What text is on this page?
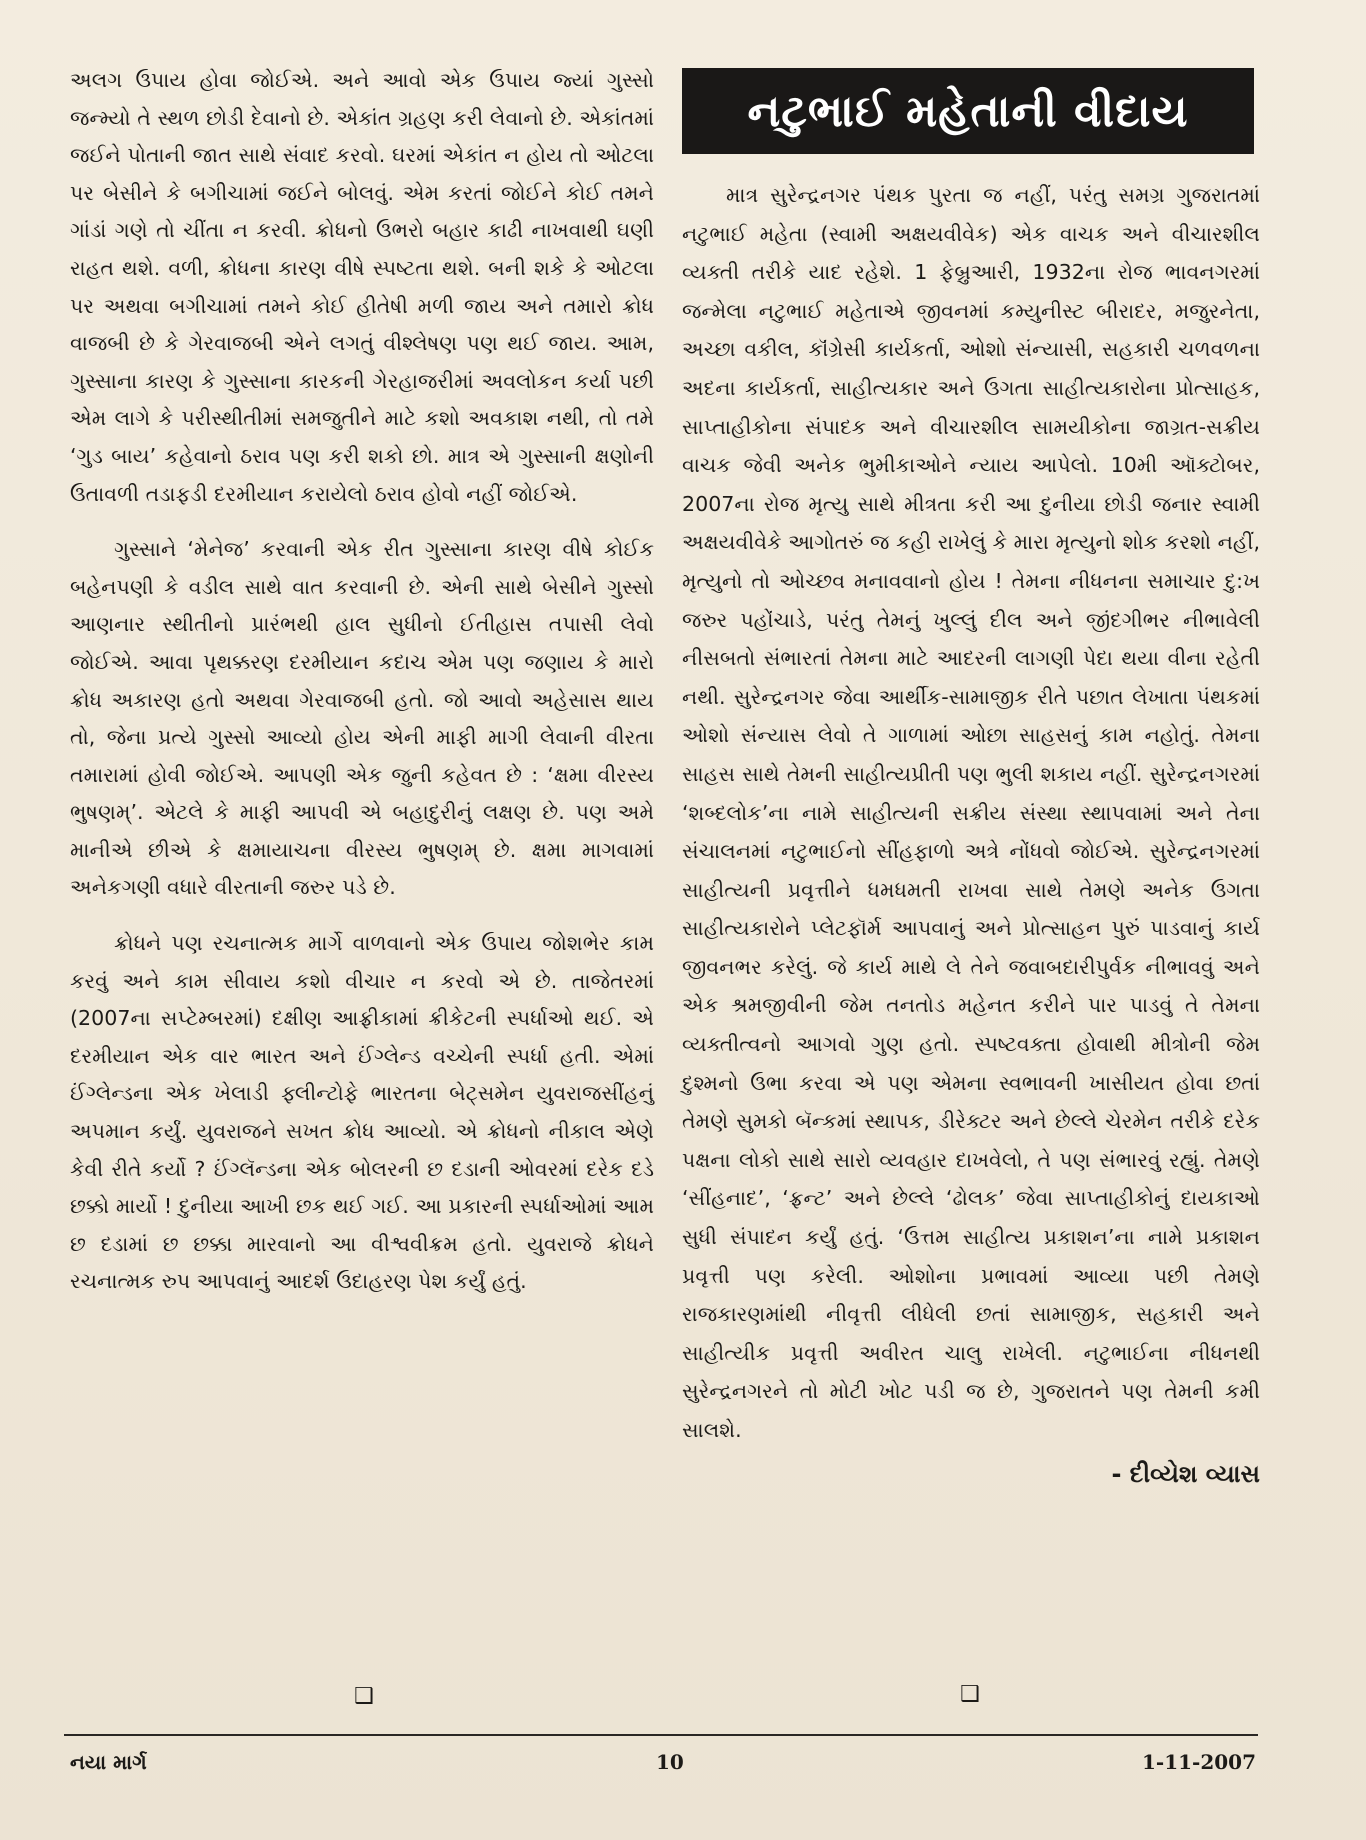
અલગ ઉપાય હોવા જોઈએ. અને આવો એક ઉપાય જ્યાં ગુસ્સો જન્મ્યો તે સ્થળ છોડી દેવાનો છે. એકાંત ગ્રહણ કરી લેવાનો છે. એકાંતમાં જઈને પોતાની જાત સાથે સંવાદ કરવો. ઘરમાં એકાંત ન હોય તો ઓટલા પર બેસીને કે બગીચામાં જઈને બોલવું. એમ કરતાં જોઈને કોઈ તમને ગાંડાં ગણે તો ચીંતા ન કરવી. ક્રોધનો ઉભરો બહાર કાઢી નાખવાથી ઘણી રાહત થશે. વળી, ક્રોધના કારણ વીષે સ્પષ્ટતા થશે. બની શકે કે ઓટલા પર અથવા બગીચામાં તમને કોઈ હીતેષી મળી જાય અને તમારો ક્રોધ વાજબી છે કે ગેરવાજબી એને લગતું વીશ્લેષણ પણ થઈ જાય. આમ, ગુસ્સાના કારણ કે ગુસ્સાના કારકની ગેરહાજરીમાં અવલોકન કર્યા પછી એમ લાગે કે પરીસ્થીતીમાં સમજુતીને માટે કશો અવકાશ નથી, તો તમે ‘ગુડ બાય’ કહેવાનો ઠરાવ પણ કરી શકો છો. માત્ર એ ગુસ્સાની ક્ષણોની ઉતાવળી તડાફડી દરમીયાન કરાયેલો ઠરાવ હોવો નહીં જોઈએ.

ગુસ્સાને ‘મેનેજ’ કરવાની એક રીત ગુસ્સાના કારણ વીષે કોઈક બહેનપણી કે વડીલ સાથે વાત કરવાની છે. એની સાથે બેસીને ગુસ્સો આણનાર સ્થીતીનો પ્રારંભથી હાલ સુધીનો ઈતીહાસ તપાસી લેવો જોઈએ. આવા પૃથક્કરણ દરમીયાન કદાચ એમ પણ જણાય કે મારો ક્રોધ અકારણ હતો અથવા ગેરવાજબી હતો. જો આવો અહેસાસ થાય તો, જેના પ્રત્યે ગુસ્સો આવ્યો હોય એની માફી માગી લેવાની વીરતા તમારામાં હોવી જોઈએ. આપણી એક જુની કહેવત છે : ‘ક્ષમા વીરસ્ય ભુષણમ્’. એટલે કે માફી આપવી એ બહાદુરીનું લક્ષણ છે. પણ અમે માનીએ છીએ કે ક્ષમાયાચના વીરસ્ય ભુષણમ્ છે. ક્ષમા માગવામાં અનેકગણી વધારે વીરતાની જરુર પડે છે.

ક્રોધને પણ રચનાત્મક માર્ગે વાળવાનો એક ઉપાય જોશભેર કામ કરવું અને કામ સીવાય કશો વીચાર ન કરવો એ છે. તાજેતરમાં (2007ના સપ્ટેમ્બરમાં) દક્ષીણ આફ્રીકામાં ક્રીકેટની સ્પર્ધાઓ થઈ. એ દરમીયાન એક વાર ભારત અને ઈંગ્લેન્ડ વચ્ચેની સ્પર્ધા હતી. એમાં ઈંગ્લેન્ડના એક ખેલાડી ફ્લીન્ટોફે ભારતના બેટ્સમેન યુવરાજસીંહનું અપમાન કર્યું. યુવરાજને સખત ક્રોધ આવ્યો. એ ક્રોધનો નીકાલ એણે કેવી રીતે કર્યો ? ઈંગ્લૅન્ડના એક બોલરની છ દડાની ઓવરમાં દરેક દડે છક્કો માર્યો ! દુનીયા આખી છક થઈ ગઈ. આ પ્રકારની સ્પર્ધાઓમાં આમ છ દડામાં છ છક્કા મારવાનો આ વીશ્વવીક્રમ હતો. યુવરાજે ક્રોધને રચનાત્મક રુપ આપવાનું આદર્શ ઉદાહરણ પેશ કર્યું હતું.

❑
નટુભાઈ મહેતાની વીદાય

માત્ર સુરેન્દ્રનગર પંથક પુરતા જ નહીં, પરંતુ સમગ્ર ગુજરાતમાં નટુભાઈ મહેતા (સ્વામી અક્ષયવીવેક) એક વાચક અને વીચારશીલ વ્યક્તી તરીકે યાદ રહેશે. 1 ફેબ્રુઆરી, 1932ના રોજ ભાવનગરમાં જન્મેલા નટુભાઈ મહેતાએ જીવનમાં કમ્યુનીસ્ટ બીરાદર, મજુરનેતા, અચ્છા વકીલ, કૉંગ્રેસી કાર્યકર્તા, ઓશો સંન્યાસી, સહકારી ચળવળના અદના કાર્યકર્તા, સાહીત્યકાર અને ઉગતા સાહીત્યકારોના પ્રોત્સાહક, સાપ્તાહીકોના સંપાદક અને વીચારશીલ સામયીકોના જાગ્રત-સક્રીય વાચક જેવી અનેક ભુમીકાઓને ન્યાય આપેલો. 10મી ઑક્ટોબર, 2007ના રોજ મૃત્યુ સાથે મીત્રતા કરી આ દુનીયા છોડી જનાર સ્વામી અક્ષયવીવેકે આગોતરું જ કહી રાખેલું કે મારા મૃત્યુનો શોક કરશો નહીં, મૃત્યુનો તો ઓચ્છવ મનાવવાનો હોય ! તેમના નીધનના સમાચાર દુ:ખ જરુર પહોંચાડે, પરંતુ તેમનું ખુલ્લું દીલ અને જીંદગીભર નીભાવેલી નીસબતો સંભારતાં તેમના માટે આદરની લાગણી પેદા થયા વીના રહેતી નથી. સુરેન્દ્રનગર જેવા આર્થીક-સામાજીક રીતે પછાત લેખાતા પંથકમાં ઓશો સંન્યાસ લેવો તે ગાળામાં ઓછા સાહસનું કામ નહોતું. તેમના સાહસ સાથે તેમની સાહીત્યપ્રીતી પણ ભુલી શકાય નહીં. સુરેન્દ્રનગરમાં ‘શબ્દલોક’ના નામે સાહીત્યની સક્રીય સંસ્થા સ્થાપવામાં અને તેના સંચાલનમાં નટુભાઈનો સીંહફાળો અત્રે નોંધવો જોઈએ. સુરેન્દ્રનગરમાં સાહીત્યની પ્રવૃત્તીને ધમધમતી રાખવા સાથે તેમણે અનેક ઉગતા સાહીત્યકારોને પ્લેટફૉર્મ આપવાનું અને પ્રોત્સાહન પુરું પાડવાનું કાર્ય જીવનભર કરેલું. જે કાર્ય માથે લે તેને જવાબદારીપુર્વક નીભાવવું અને એક શ્રમજીવીની જેમ તનતોડ મહેનત કરીને પાર પાડવું તે તેમના વ્યક્તીત્વનો આગવો ગુણ હતો. સ્પષ્ટવક્તા હોવાથી મીત્રોની જેમ દુશ્મનો ઉભા કરવા એ પણ એમના સ્વભાવની ખાસીયત હોવા છતાં તેમણે સુમકો બૅન્કમાં સ્થાપક, ડીરેક્ટર અને છેલ્લે ચેરમેન તરીકે દરેક પક્ષના લોકો સાથે સારો વ્યવહાર દાખવેલો, તે પણ સંભારવું રહ્યું. તેમણે ‘સીંહનાદ’, ‘ફ્રન્ટ’ અને છેલ્લે ‘ઢોલક’ જેવા સાપ્તાહીકોનું દાયકાઓ સુધી સંપાદન કર્યું હતું. ‘ઉત્તમ સાહીત્ય પ્રકાશન’ના નામે પ્રકાશન પ્રવૃત્તી પણ કરેલી. ઓશોના પ્રભાવમાં આવ્યા પછી તેમણે રાજકારણમાંથી નીવૃત્તી લીધેલી છતાં સામાજીક, સહકારી અને સાહીત્યીક પ્રવૃત્તી અવીરત ચાલુ રાખેલી. નટુભાઈના નીધનથી સુરેન્દ્રનગરને તો મોટી ખોટ પડી જ છે, ગુજરાતને પણ તેમની કમી સાલશે.

- દીવ્યેશ વ્યાસ
❑
નયા માર્ગ	10	1-11-2007
